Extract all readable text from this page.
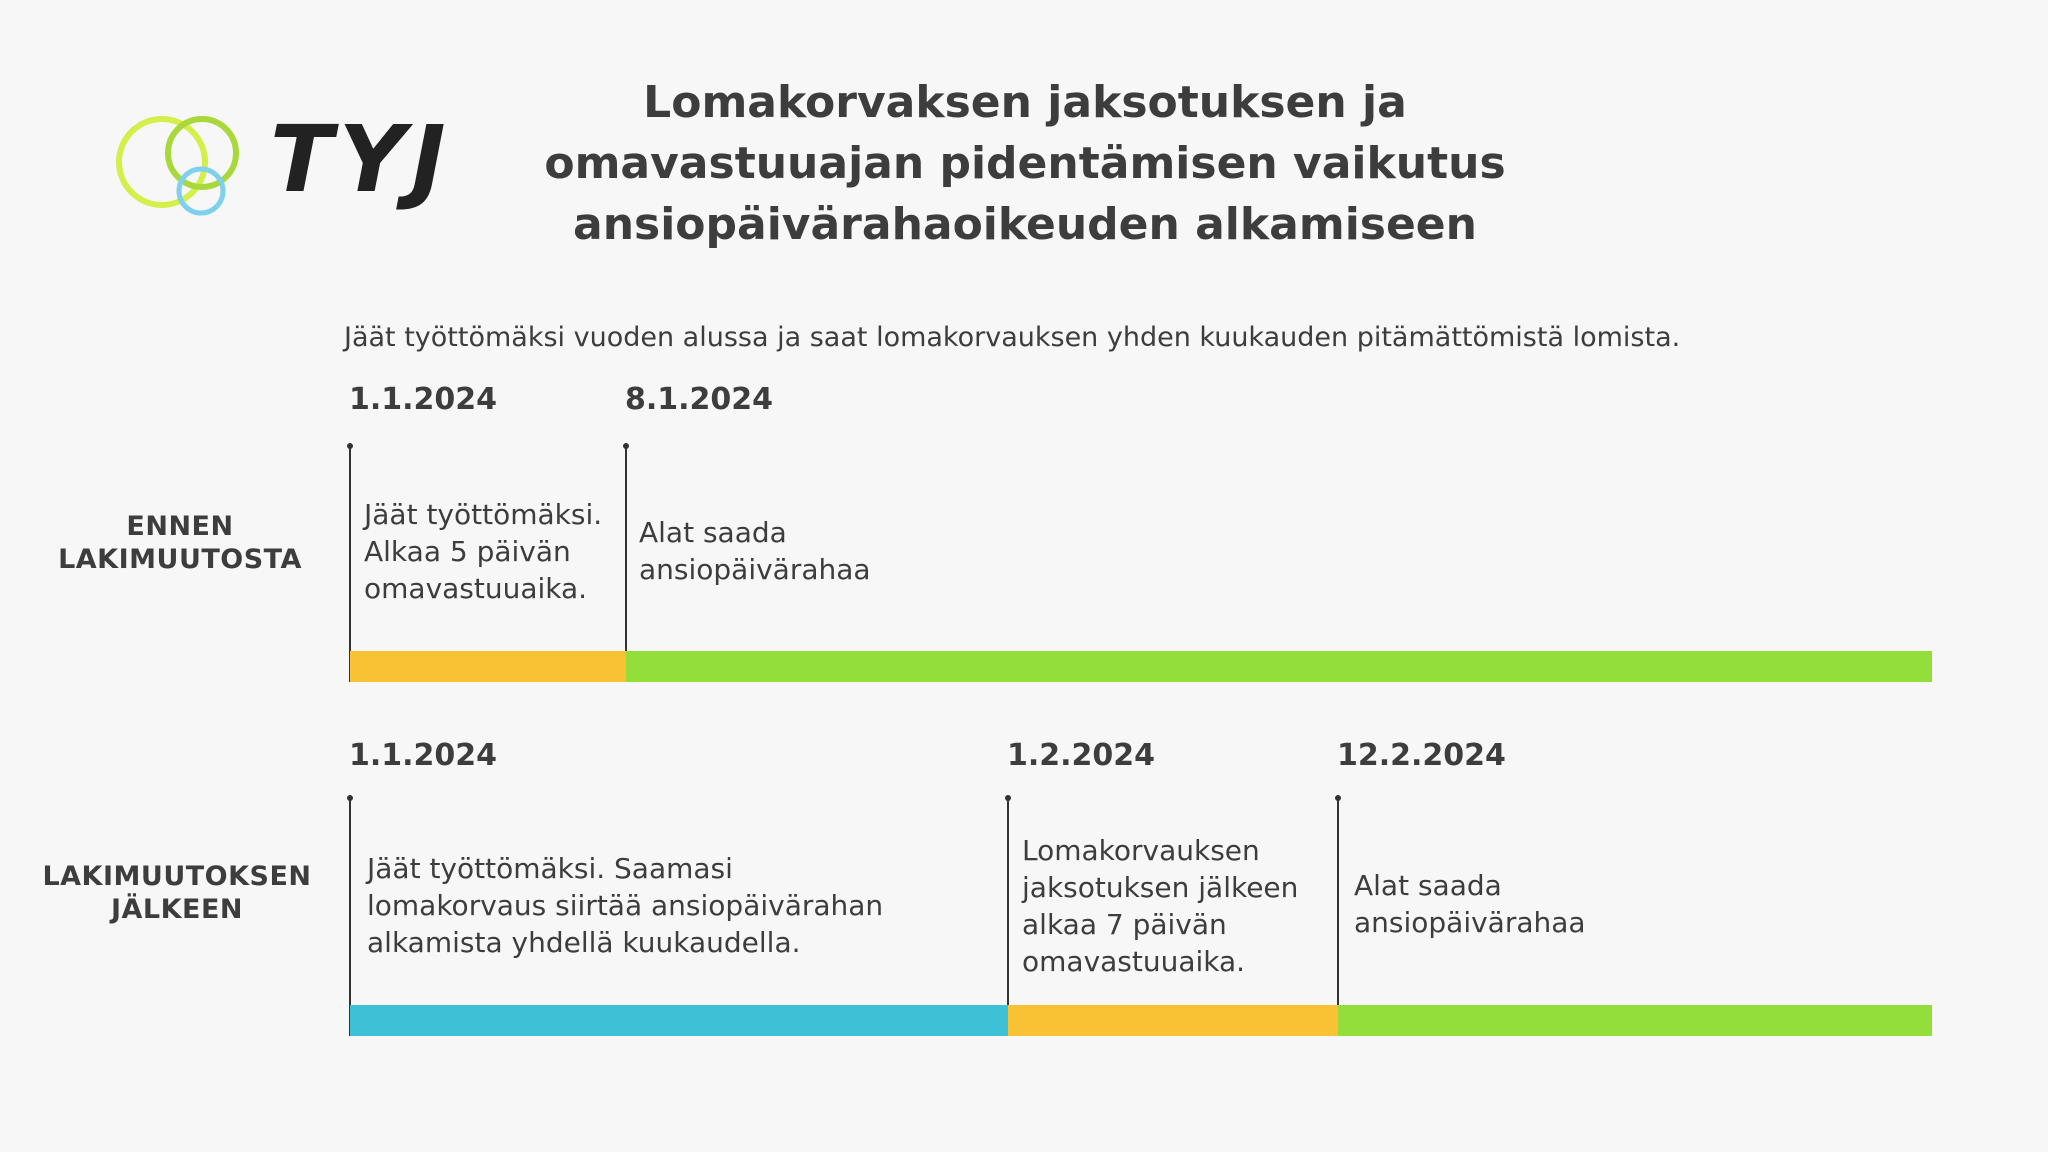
TYJ
Lomakorvaksen jaksotuksen ja
omavastuuajan pidentämisen vaikutus
ansiopäivärahaoikeuden alkamiseen
Jäät työttömäksi vuoden alussa ja saat lomakorvauksen yhden kuukauden pitämättömistä lomista.
ENNEN
LAKIMUUTOSTA
1.1.2024	8.1.2024
Jäät työttömäksi.
Alkaa 5 päivän
omavastuuaika.
Alat saada
ansiopäivärahaa
LAKIMUUTOKSEN
JÄLKEEN
1.1.2024	1.2.2024	12.2.2024
Jäät työttömäksi. Saamasi
lomakorvaus siirtää ansiopäivärahan
alkamista yhdellä kuukaudella.
Lomakorvauksen
jaksotuksen jälkeen
alkaa 7 päivän
omavastuuaika.
Alat saada
ansiopäivärahaa
